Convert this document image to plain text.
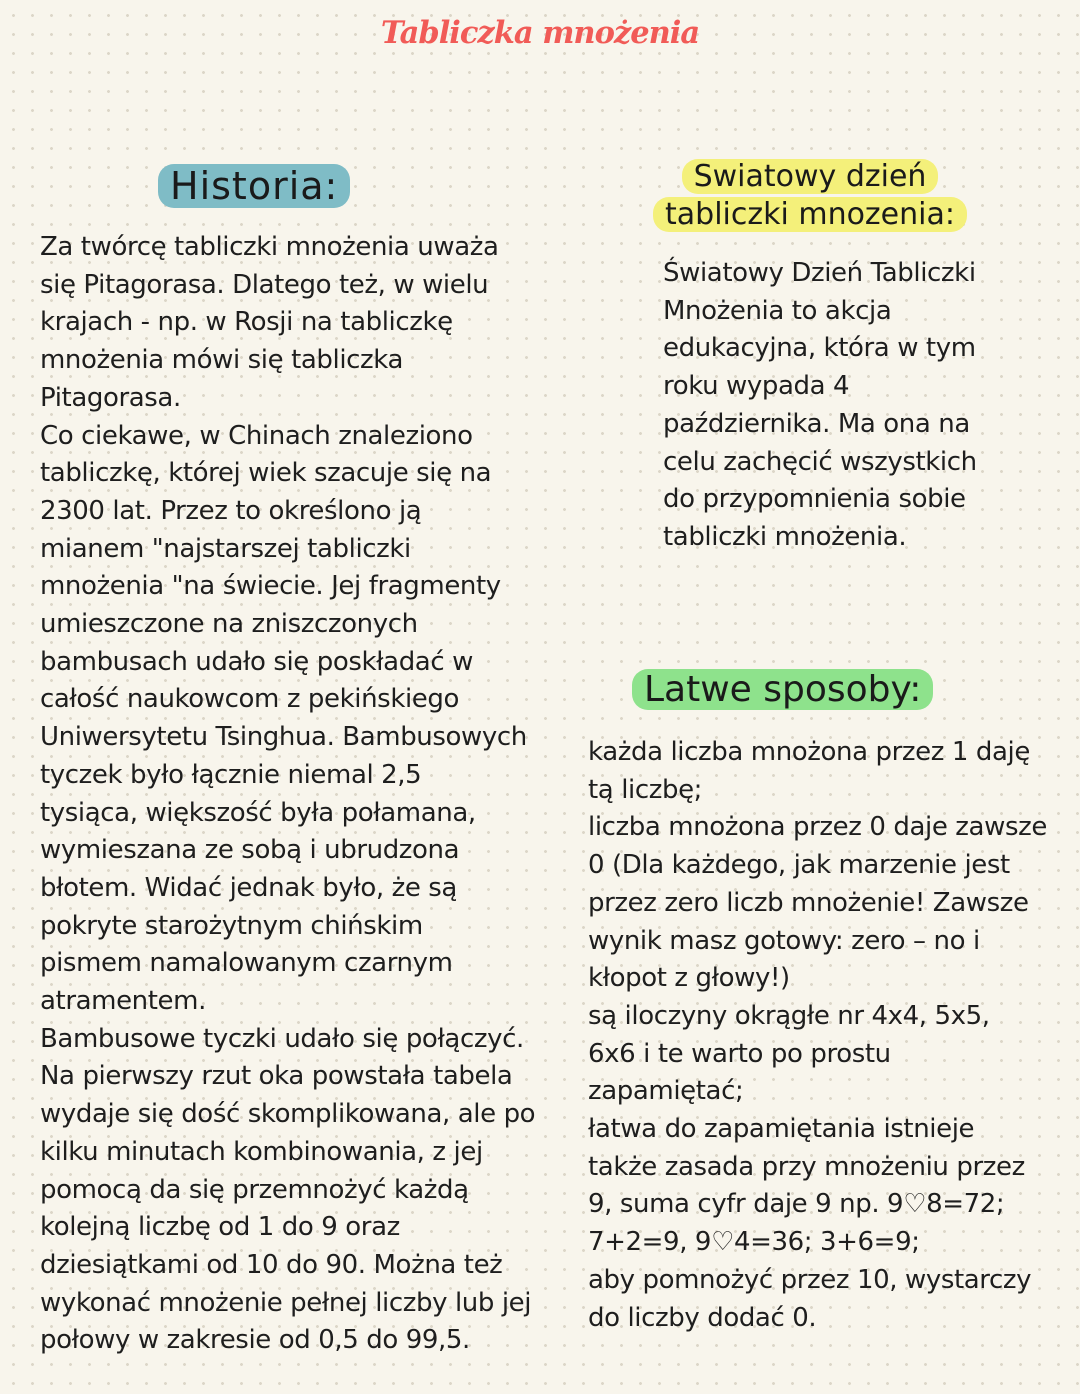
Tabliczka mnożenia
Historia:
Za twórcę tabliczki mnożenia uważa
się Pitagorasa. Dlatego też, w wielu
krajach - np. w Rosji na tabliczkę
mnożenia mówi się tabliczka
Pitagorasa.
Co ciekawe, w Chinach znaleziono
tabliczkę, której wiek szacuje się na
2300 lat. Przez to określono ją
mianem "najstarszej tabliczki
mnożenia "na świecie. Jej fragmenty
umieszczone na zniszczonych
bambusach udało się poskładać w
całość naukowcom z pekińskiego
Uniwersytetu Tsinghua. Bambusowych
tyczek było łącznie niemal 2,5
tysiąca, większość była połamana,
wymieszana ze sobą i ubrudzona
błotem. Widać jednak było, że są
pokryte starożytnym chińskim
pismem namalowanym czarnym
atramentem.
Bambusowe tyczki udało się połączyć.
Na pierwszy rzut oka powstała tabela
wydaje się dość skomplikowana, ale po
kilku minutach kombinowania, z jej
pomocą da się przemnożyć każdą
kolejną liczbę od 1 do 9 oraz
dziesiątkami od 10 do 90. Można też
wykonać mnożenie pełnej liczby lub jej
połowy w zakresie od 0,5 do 99,5.
Swiatowy dzień
tabliczki mnozenia:
Światowy Dzień Tabliczki
Mnożenia to akcja
edukacyjna, która w tym
roku wypada 4
października. Ma ona na
celu zachęcić wszystkich
do przypomnienia sobie
tabliczki mnożenia.
Latwe sposoby:
każda liczba mnożona przez 1 daję
tą liczbę;
liczba mnożona przez 0 daje zawsze
0 (Dla każdego, jak marzenie jest
przez zero liczb mnożenie! Zawsze
wynik masz gotowy: zero – no i
kłopot z głowy!)
są iloczyny okrągłe nr 4x4, 5x5,
6x6 i te warto po prostu
zapamiętać;
łatwa do zapamiętania istnieje
także zasada przy mnożeniu przez
9, suma cyfr daje 9 np. 9♡8=72;
7+2=9, 9♡4=36; 3+6=9;
aby pomnożyć przez 10, wystarczy
do liczby dodać 0.
